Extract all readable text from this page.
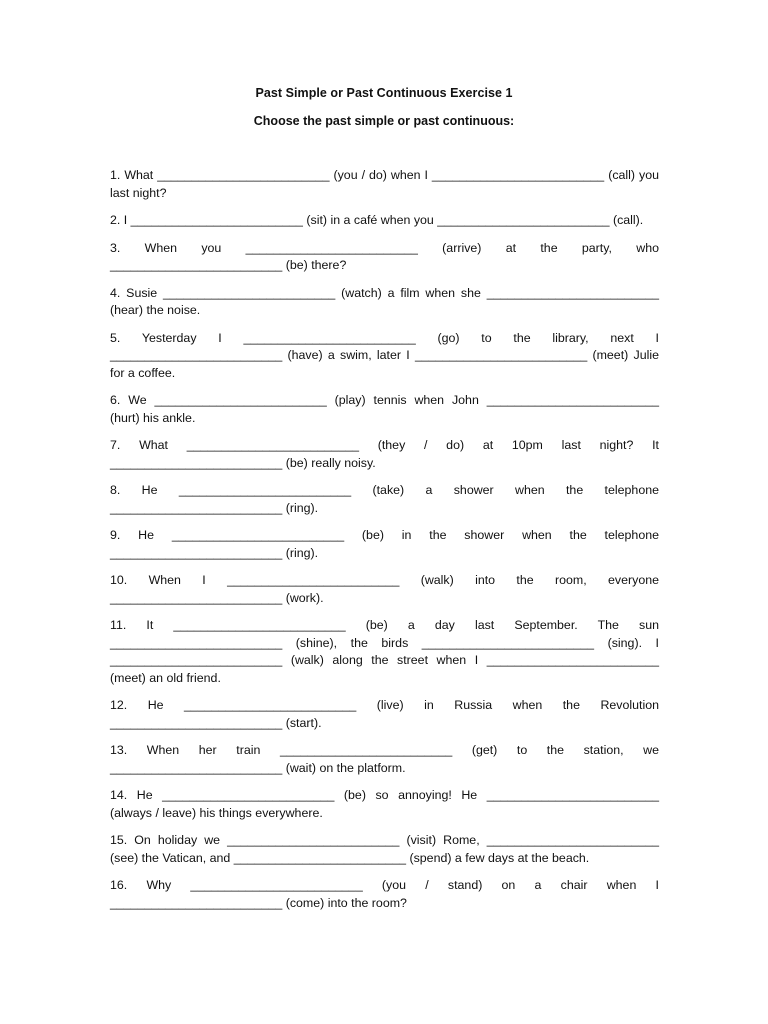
Past Simple or Past Continuous Exercise 1
Choose the past simple or past continuous:

1. What _________________________ (you / do) when I _________________________ (call) you last night?

2. I _________________________ (sit) in a café when you _________________________ (call).

3. When you _________________________ (arrive) at the party, who _________________________ (be) there?

4. Susie _________________________ (watch) a film when she _________________________ (hear) the noise.

5. Yesterday I _________________________ (go) to the library, next I _________________________ (have) a swim, later I _________________________ (meet) Julie for a coffee.

6. We _________________________ (play) tennis when John _________________________ (hurt) his ankle.

7. What _________________________ (they / do) at 10pm last night? It _________________________ (be) really noisy.

8. He _________________________ (take) a shower when the telephone _________________________ (ring).

9. He _________________________ (be) in the shower when the telephone _________________________ (ring).

10. When I _________________________ (walk) into the room, everyone _________________________ (work).

11. It _________________________ (be) a day last September. The sun _________________________ (shine), the birds _________________________ (sing). I _________________________ (walk) along the street when I _________________________ (meet) an old friend.

12. He _________________________ (live) in Russia when the Revolution _________________________ (start).

13. When her train _________________________ (get) to the station, we _________________________ (wait) on the platform.

14. He _________________________ (be) so annoying! He _________________________ (always / leave) his things everywhere.

15. On holiday we _________________________ (visit) Rome, _________________________ (see) the Vatican, and _________________________ (spend) a few days at the beach.

16. Why _________________________ (you / stand) on a chair when I _________________________ (come) into the room?
